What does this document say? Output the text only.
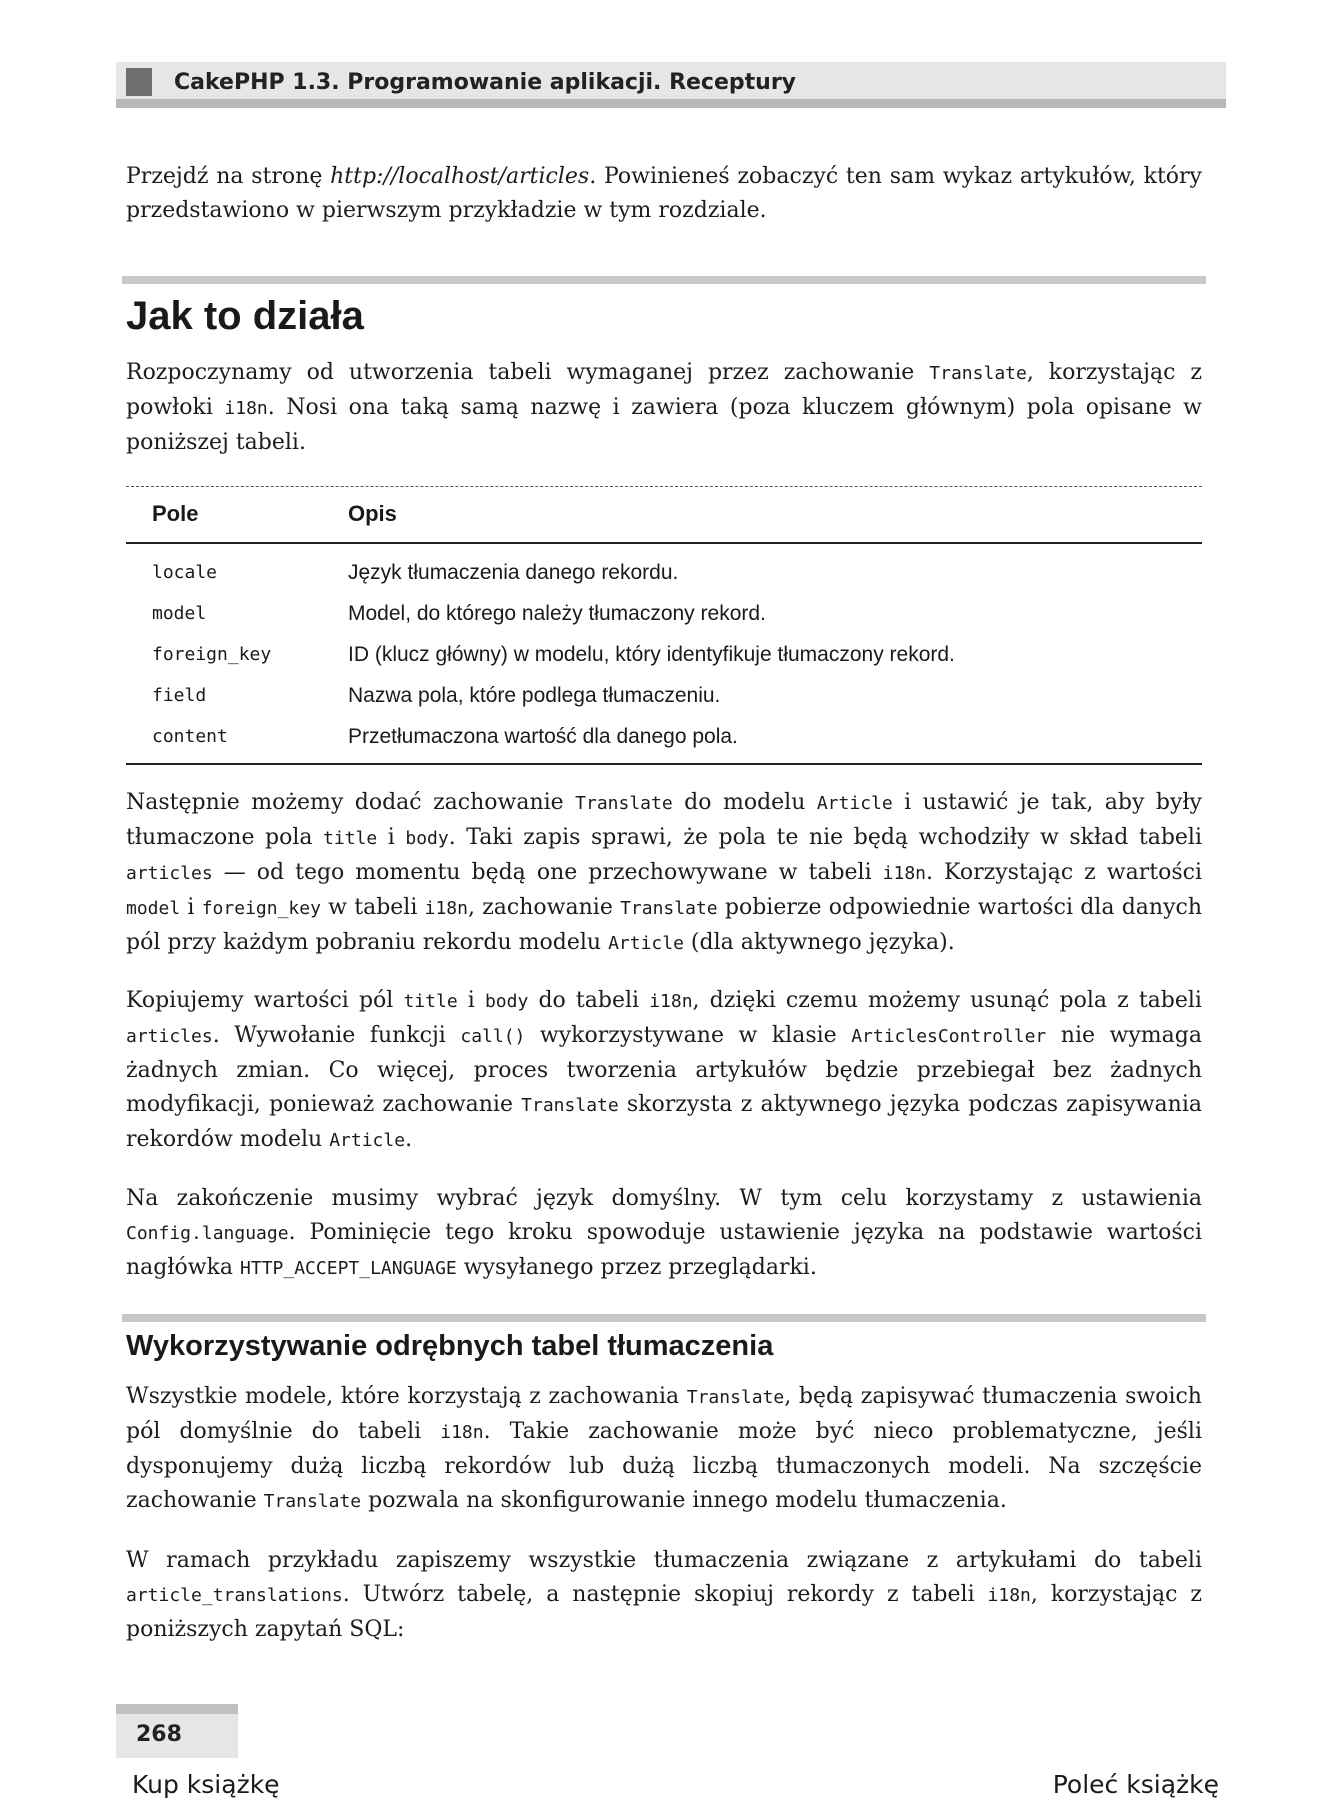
CakePHP 1.3. Programowanie aplikacji. Receptury

Przejdź na stronę http://localhost/articles. Powinieneś zobaczyć ten sam wykaz artykułów, który przedstawiono w pierwszym przykładzie w tym rozdziale.

Jak to działa

Rozpoczynamy od utworzenia tabeli wymaganej przez zachowanie Translate, korzystając z powłoki i18n. Nosi ona taką samą nazwę i zawiera (poza kluczem głównym) pola opisane w poniższej tabeli.

Pole	Opis
locale	Język tłumaczenia danego rekordu.
model	Model, do którego należy tłumaczony rekord.
foreign_key	ID (klucz główny) w modelu, który identyfikuje tłumaczony rekord.
field	Nazwa pola, które podlega tłumaczeniu.
content	Przetłumaczona wartość dla danego pola.

Następnie możemy dodać zachowanie Translate do modelu Article i ustawić je tak, aby były tłumaczone pola title i body. Taki zapis sprawi, że pola te nie będą wchodziły w skład tabeli articles — od tego momentu będą one przechowywane w tabeli i18n. Korzystając z wartości model i foreign_key w tabeli i18n, zachowanie Translate pobierze odpowiednie wartości dla danych pól przy każdym pobraniu rekordu modelu Article (dla aktywnego języka).

Kopiujemy wartości pól title i body do tabeli i18n, dzięki czemu możemy usunąć pola z tabeli articles. Wywołanie funkcji call() wykorzystywane w klasie ArticlesController nie wymaga żadnych zmian. Co więcej, proces tworzenia artykułów będzie przebiegał bez żadnych modyfikacji, ponieważ zachowanie Translate skorzysta z aktywnego języka podczas zapisywania rekordów modelu Article.

Na zakończenie musimy wybrać język domyślny. W tym celu korzystamy z ustawienia Config.language. Pominięcie tego kroku spowoduje ustawienie języka na podstawie wartości nagłówka HTTP_ACCEPT_LANGUAGE wysyłanego przez przeglądarki.

Wykorzystywanie odrębnych tabel tłumaczenia

Wszystkie modele, które korzystają z zachowania Translate, będą zapisywać tłumaczenia swoich pól domyślnie do tabeli i18n. Takie zachowanie może być nieco problematyczne, jeśli dysponujemy dużą liczbą rekordów lub dużą liczbą tłumaczonych modeli. Na szczęście zachowanie Translate pozwala na skonfigurowanie innego modelu tłumaczenia.

W ramach przykładu zapiszemy wszystkie tłumaczenia związane z artykułami do tabeli article_translations. Utwórz tabelę, a następnie skopiuj rekordy z tabeli i18n, korzystając z poniższych zapytań SQL:

268
Kup książkę	Poleć książkę
